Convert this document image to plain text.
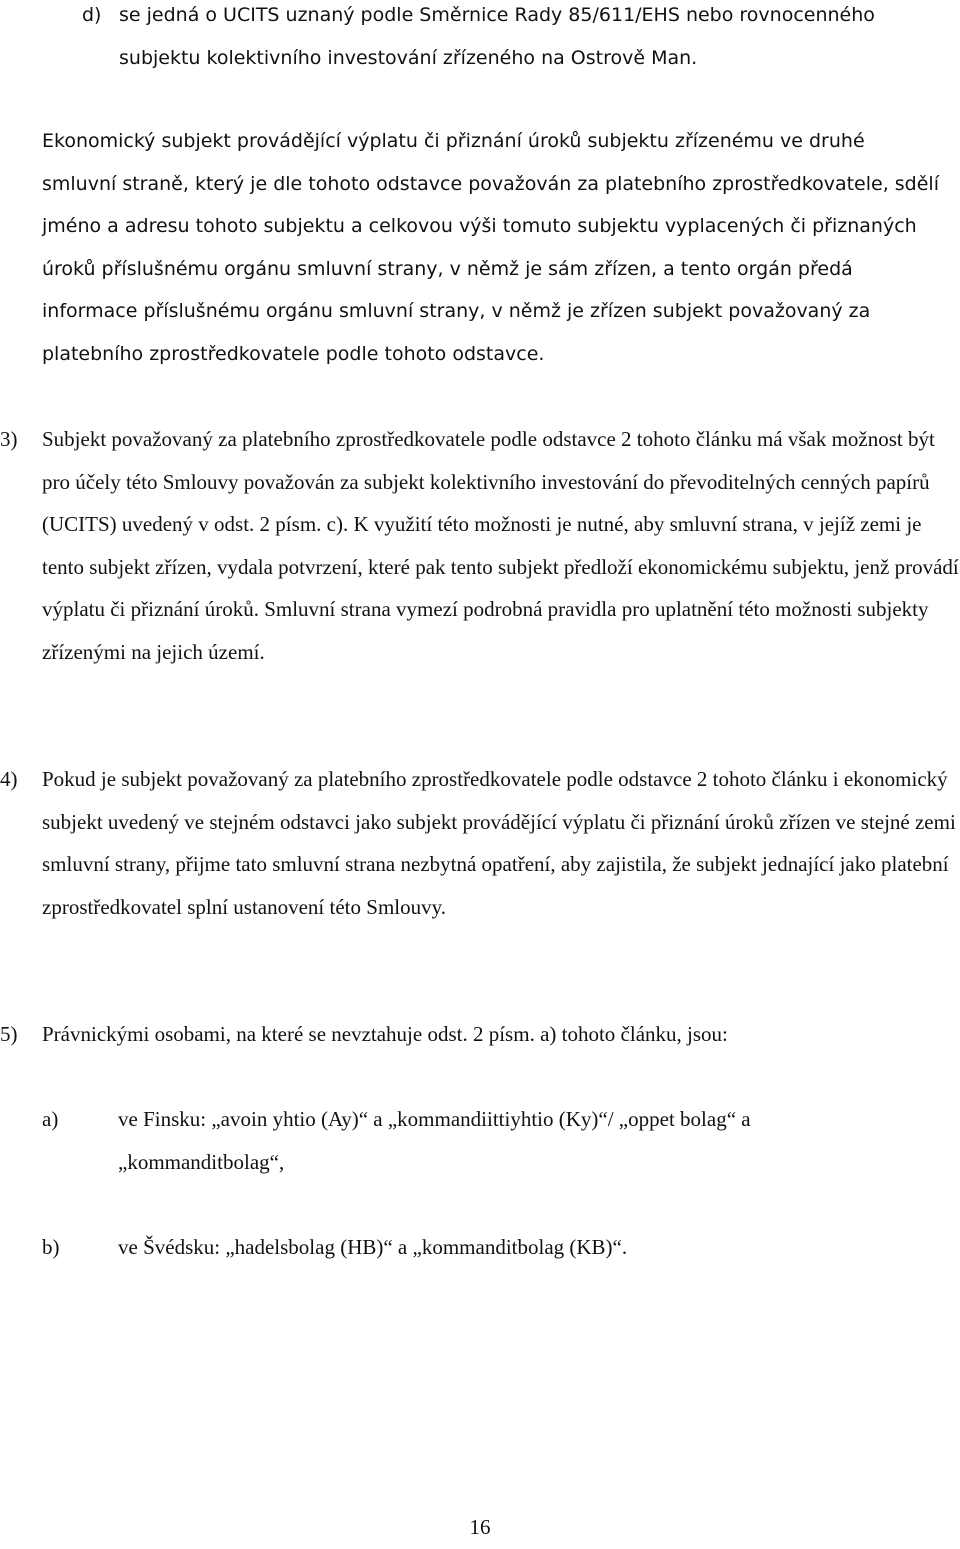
d) se jedná o UCITS uznaný podle Směrnice Rady 85/611/EHS nebo rovnocenného subjektu kolektivního investování zřízeného na Ostrově Man.

Ekonomický subjekt provádějící výplatu či přiznání úroků subjektu zřízenému ve druhé smluvní straně, který je dle tohoto odstavce považován za platebního zprostředkovatele, sdělí jméno a adresu tohoto subjektu a celkovou výši tomuto subjektu vyplacených či přiznaných úroků příslušnému orgánu smluvní strany, v němž je sám zřízen, a tento orgán předá informace příslušnému orgánu smluvní strany, v němž je zřízen subjekt považovaný za platebního zprostředkovatele podle tohoto odstavce.

3) Subjekt považovaný za platebního zprostředkovatele podle odstavce 2 tohoto článku má však možnost být pro účely této Smlouvy považován za subjekt kolektivního investování do převoditelných cenných papírů (UCITS) uvedený v odst. 2 písm. c). K využití této možnosti je nutné, aby smluvní strana, v jejíž zemi je tento subjekt zřízen, vydala potvrzení, které pak tento subjekt předloží ekonomickému subjektu, jenž provádí výplatu či přiznání úroků. Smluvní strana vymezí podrobná pravidla pro uplatnění této možnosti subjekty zřízenými na jejich území.

4) Pokud je subjekt považovaný za platebního zprostředkovatele podle odstavce 2 tohoto článku i ekonomický subjekt uvedený ve stejném odstavci jako subjekt provádějící výplatu či přiznání úroků zřízen ve stejné zemi smluvní strany, přijme tato smluvní strana nezbytná opatření, aby zajistila, že subjekt jednající jako platební zprostředkovatel splní ustanovení této Smlouvy.

5) Právnickými osobami, na které se nevztahuje odst. 2 písm. a) tohoto článku, jsou:

a)	ve Finsku: „avoin yhtio (Ay)“ a „kommandiittiyhtio (Ky)“/ „oppet bolag“ a „kommanditbolag“,

b)	ve Švédsku: „hadelsbolag (HB)“ a „kommanditbolag (KB)“.

16
